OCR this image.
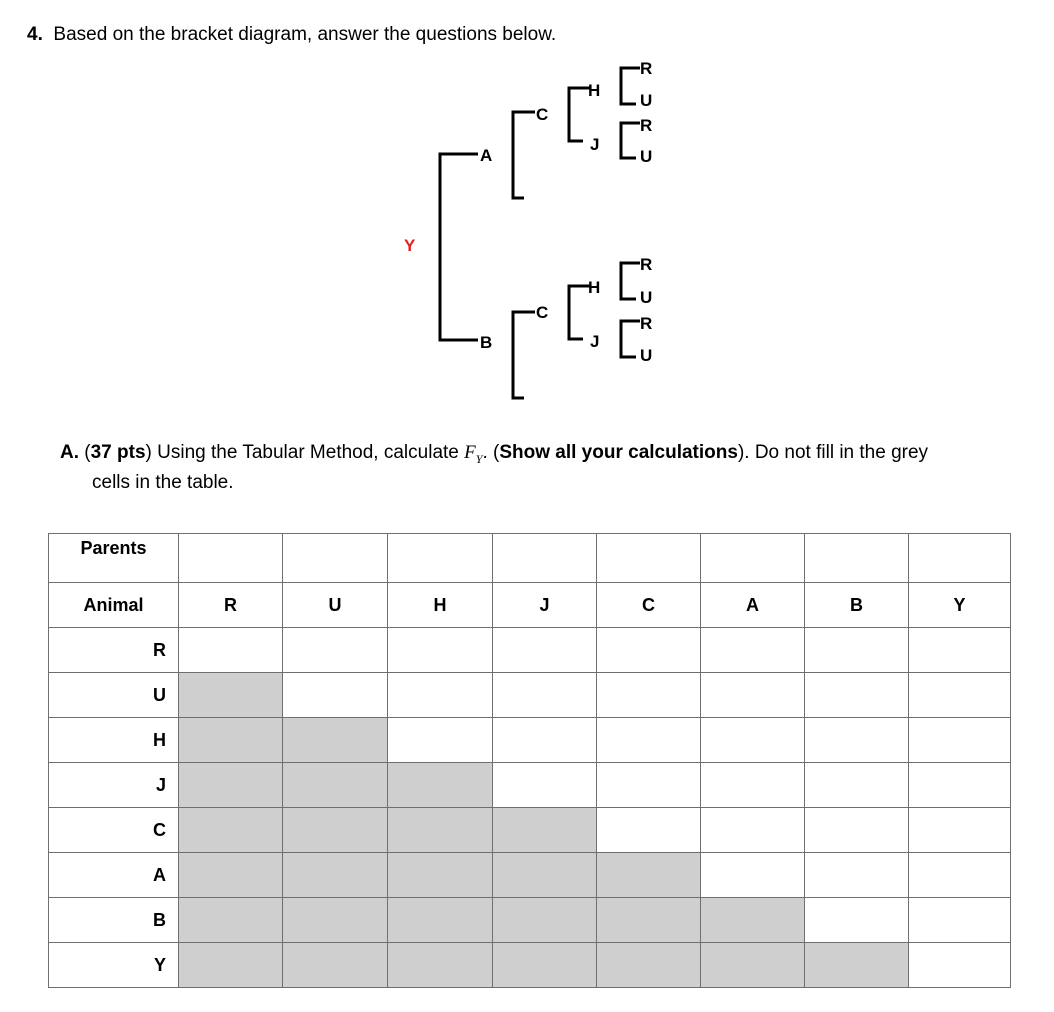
4. Based on the bracket diagram, answer the questions below.
Y
A
C
H
J
R
U
R
U
B
C
H
J
R
U
R
U
A. (37 pts) Using the Tabular Method, calculate $F_Y$. (Show all your calculations). Do not fill in the grey
cells in the table.
Parents								
Animal	R	U	H	J	C	A	B	Y
R								
U								
H								
J								
C								
A								
B								
Y								
